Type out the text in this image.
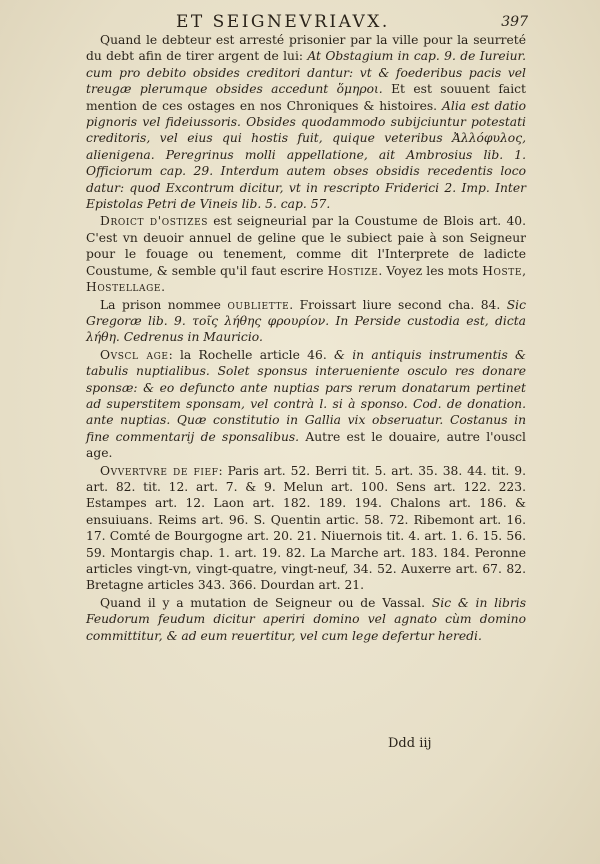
ET SEIGNEVRIAVX.	397

Quand le debteur est arresté prisonier par la ville pour la seurreté du debt afin de tirer argent de lui: At Obstagium in cap. 9. de Iureiur. cum pro debito obsides creditori dantur: vt & foederibus pacis vel treugæ plerumque obsides accedunt ὅμηροι. Et est souuent faict mention de ces ostages en nos Chroniques & histoires. Alia est datio pignoris vel fideiussoris. Obsides quodammodo subijciuntur potestati creditoris, vel eius qui hostis fuit, quique veteribus Ἀλλόφυλος, alienigena. Peregrinus molli appellatione, ait Ambrosius lib. 1. Officiorum cap. 29. Interdum autem obses obsidis recedentis loco datur: quod Excontrum dicitur, vt in rescripto Friderici 2. Imp. Inter Epistolas Petri de Vineis lib. 5. cap. 57.

Droict d'ostizes est seigneurial par la Coustume de Blois art. 40. C'est vn deuoir annuel de geline que le subiect paie à son Seigneur pour le fouage ou tenement, comme dit l'Interprete de ladicte Coustume, & semble qu'il faut escrire Hostize. Voyez les mots Hoste, Hostellage.

La prison nommee oubliette. Froissart liure second cha. 84. Sic Gregoræ lib. 9. τοῖς λήθης φρουρίον. In Perside custodia est, dicta λήθη. Cedrenus in Mauricio.

Ovscl age: la Rochelle article 46. & in antiquis instrumentis & tabulis nuptialibus. Solet sponsus interueniente osculo res donare sponsæ: & eo defuncto ante nuptias pars rerum donatarum pertinet ad superstitem sponsam, vel contrà l. si à sponso. Cod. de donation. ante nuptias. Quæ constitutio in Gallia vix obseruatur. Costanus in fine commentarij de sponsalibus. Autre est le douaire, autre l'ouscl age.

Ovvertvre de fief: Paris art. 52. Berri tit. 5. art. 35. 38. 44. tit. 9. art. 82. tit. 12. art. 7. & 9. Melun art. 100. Sens art. 122. 223. Estampes art. 12. Laon art. 182. 189. 194. Chalons art. 186. & ensuiuans. Reims art. 96. S. Quentin artic. 58. 72. Ribemont art. 16. 17. Comté de Bourgogne art. 20. 21. Niuernois tit. 4. art. 1. 6. 15. 56. 59. Montargis chap. 1. art. 19. 82. La Marche art. 183. 184. Peronne articles vingt-vn, vingt-quatre, vingt-neuf, 34. 52. Auxerre art. 67. 82. Bretagne articles 343. 366. Dourdan art. 21.

Quand il y a mutation de Seigneur ou de Vassal. Sic & in libris Feudorum feudum dicitur aperiri domino vel agnato cùm domino committitur, & ad eum reuertitur, vel cum lege defertur heredi.

Ddd iij
